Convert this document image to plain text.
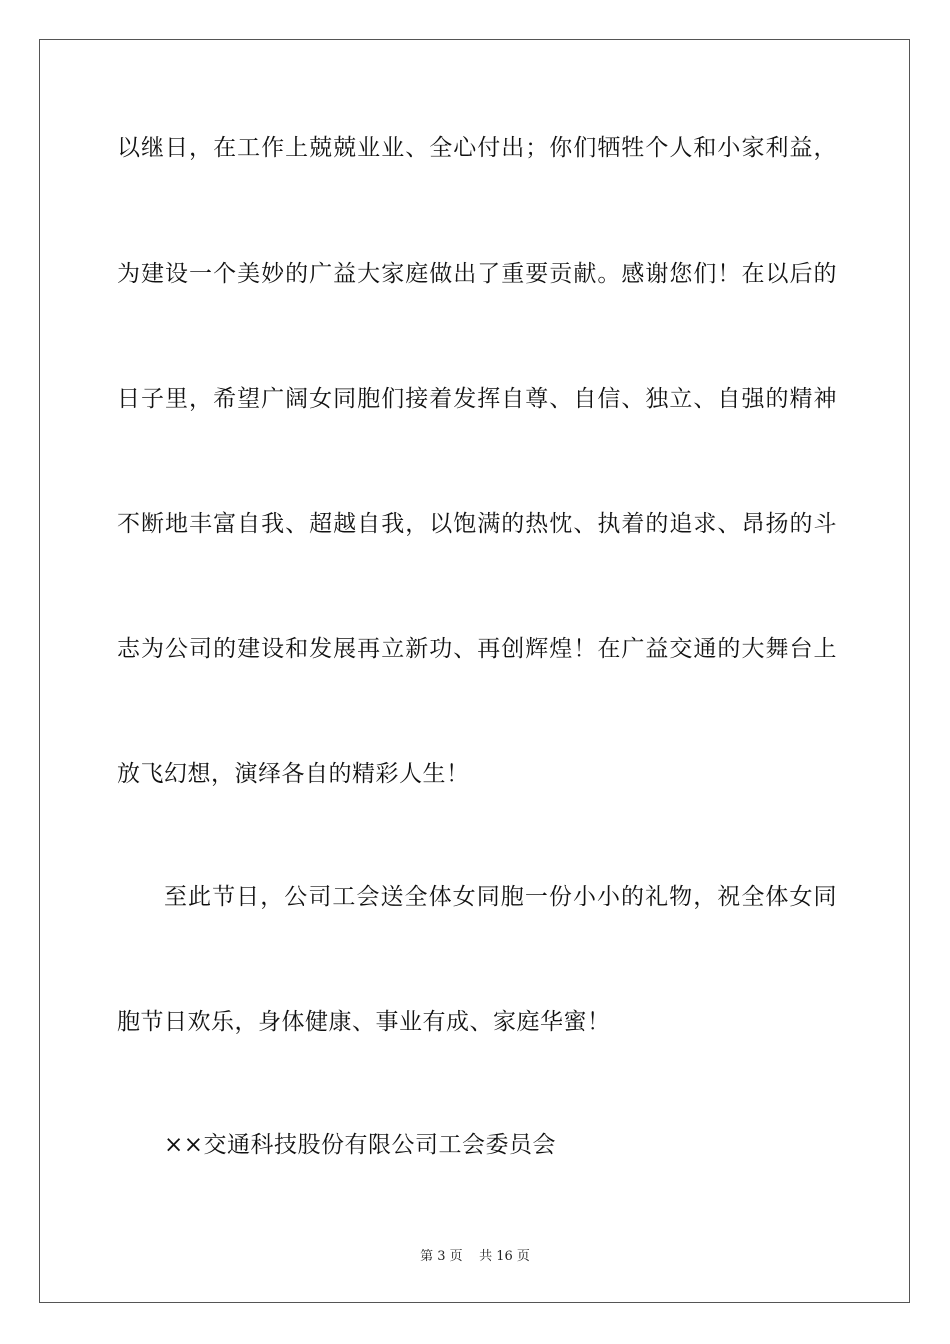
以继日，在工作上兢兢业业、全心付出；你们牺牲个人和小家利益，
为建设一个美妙的广益大家庭做出了重要贡献。感谢您们！在以后的
日子里，希望广阔女同胞们接着发挥自尊、自信、独立、自强的精神
不断地丰富自我、超越自我，以饱满的热忱、执着的追求、昂扬的斗
志为公司的建设和发展再立新功、再创辉煌！在广益交通的大舞台上
放飞幻想，演绎各自的精彩人生！
至此节日，公司工会送全体女同胞一份小小的礼物，祝全体女同
胞节日欢乐，身体健康、事业有成、家庭华蜜！
××交通科技股份有限公司工会委员会
第 3 页    共 16 页
